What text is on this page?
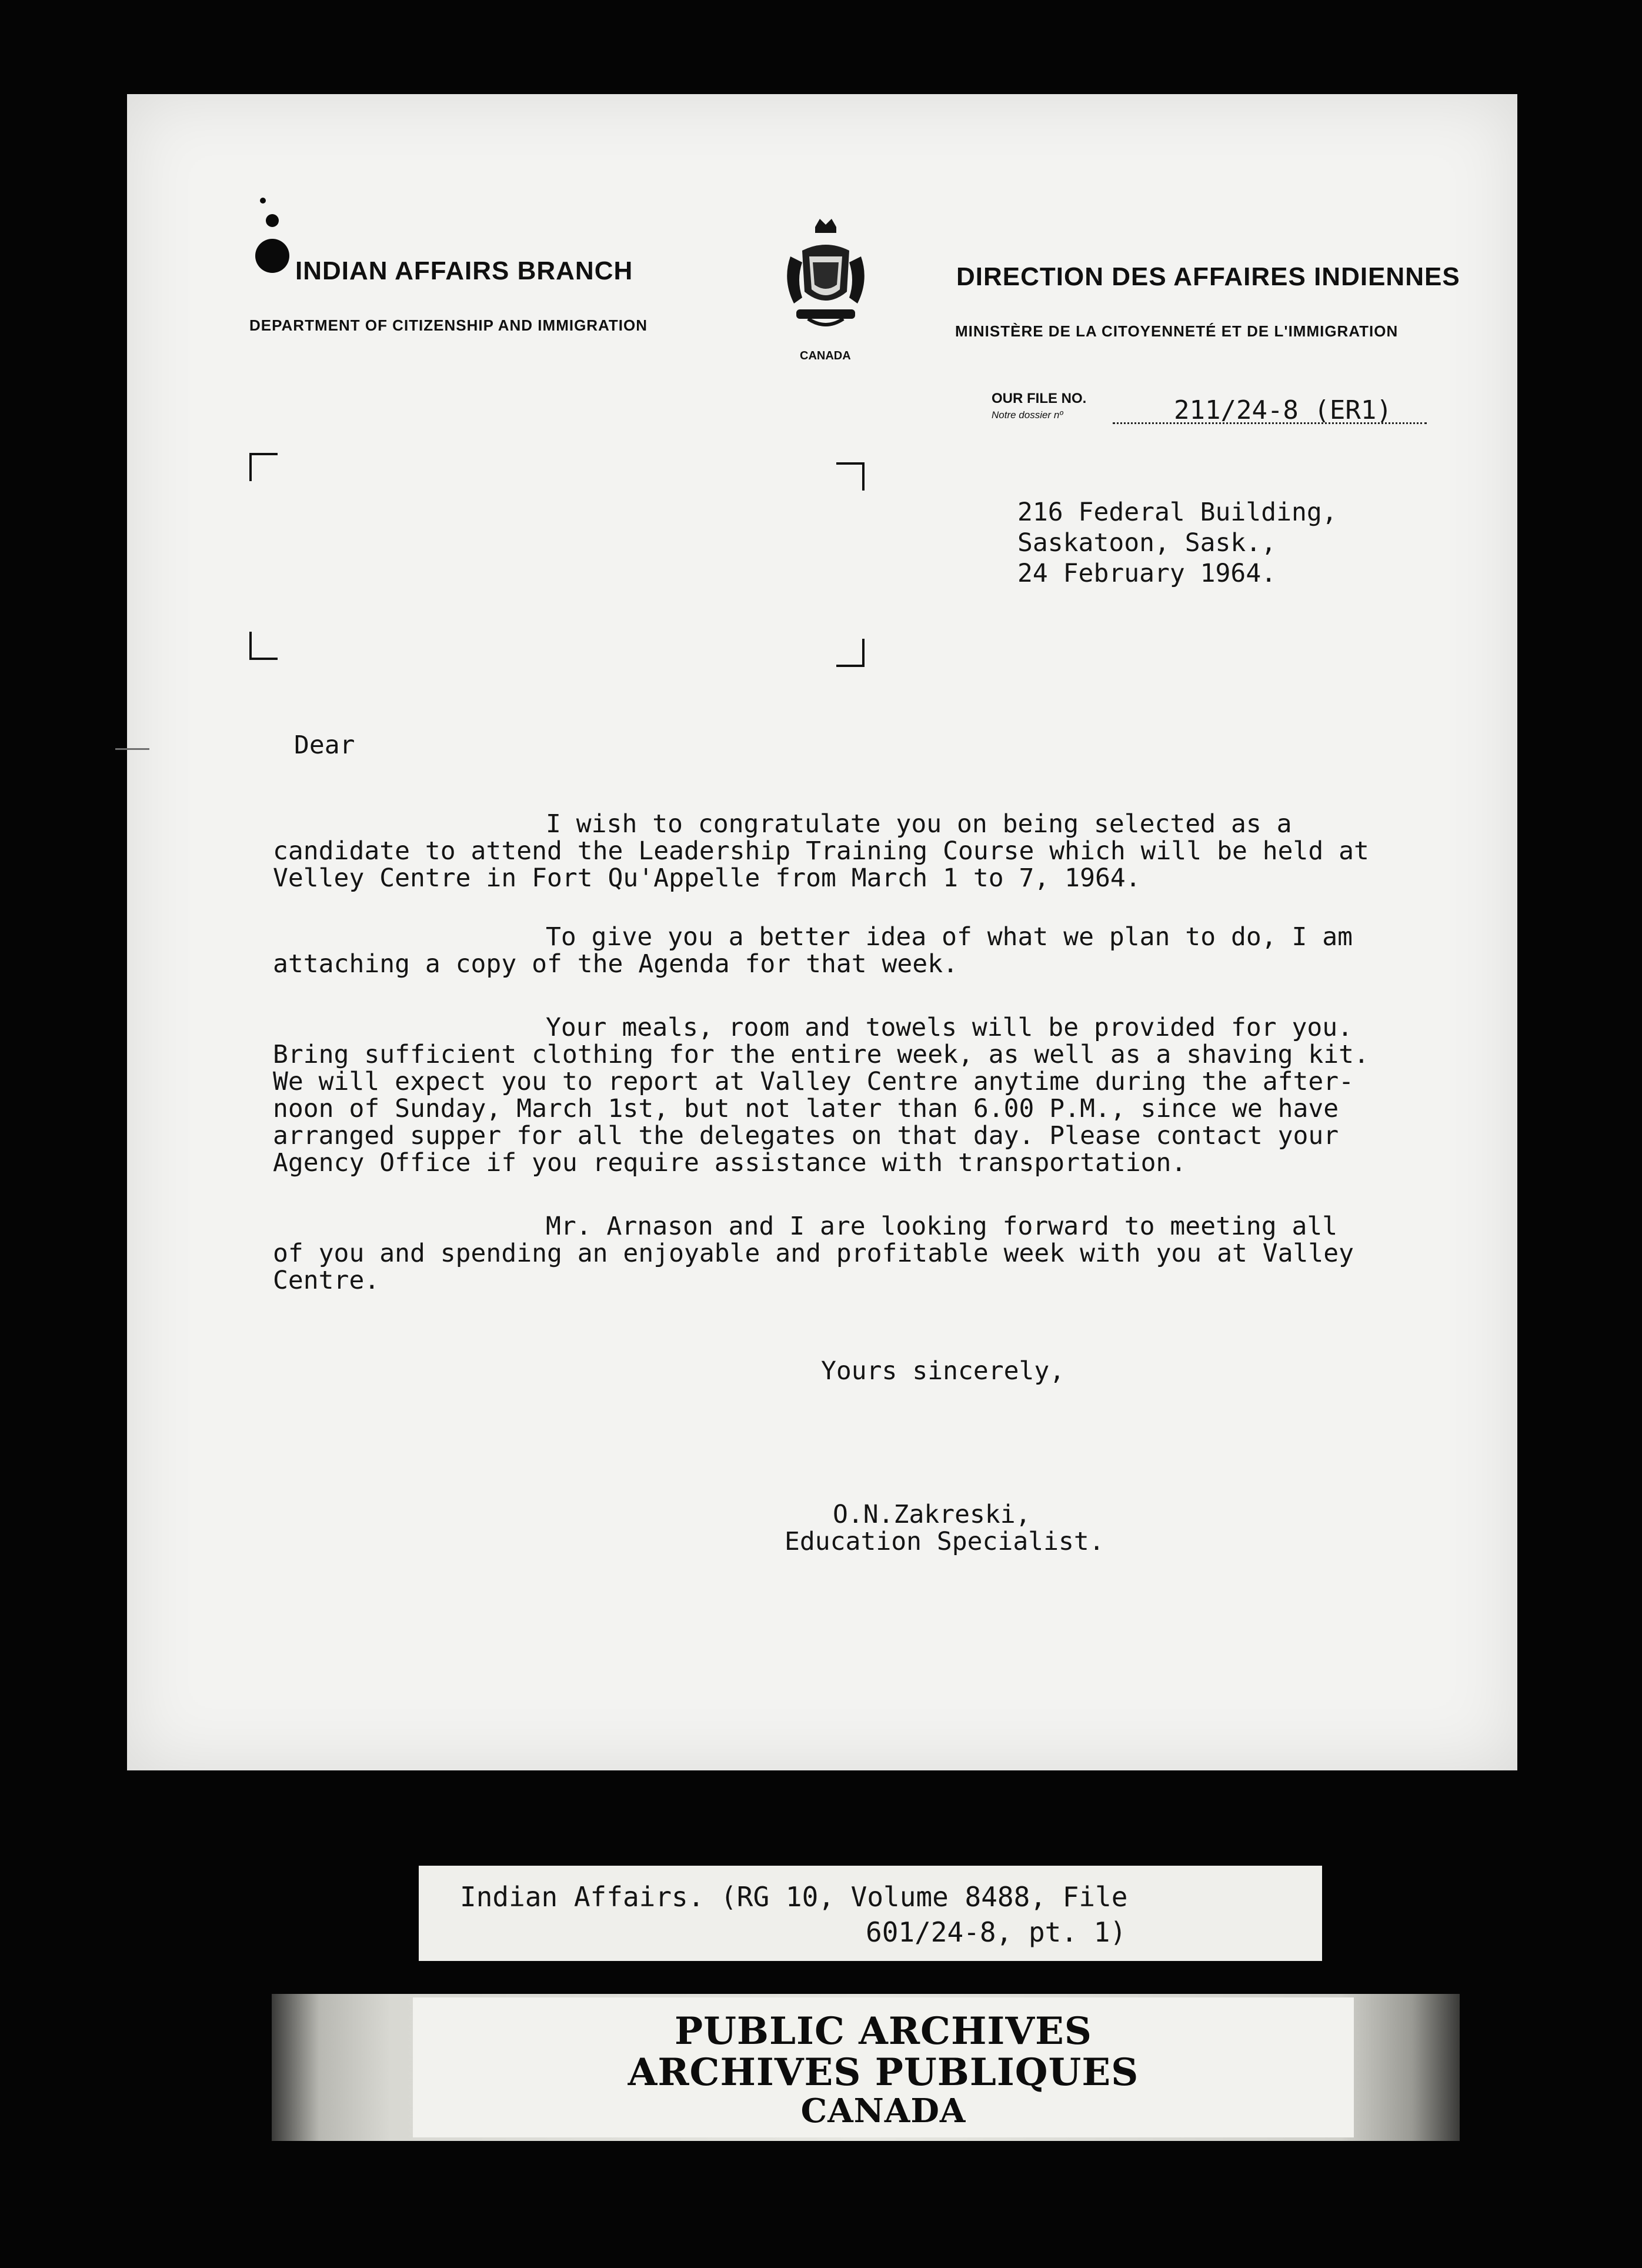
INDIAN AFFAIRS BRANCH
DEPARTMENT OF CITIZENSHIP AND IMMIGRATION
CANADA
DIRECTION DES AFFAIRES INDIENNES
MINISTÈRE DE LA CITOYENNETÉ ET DE L'IMMIGRATION
OUR FILE NO.
Notre dossier nº	211/24-8 (ER1)
216 Federal Building,
Saskatoon, Sask.,
24 February 1964.
Dear
I wish to congratulate you on being selected as a
candidate to attend the Leadership Training Course which will be held at
Velley Centre in Fort Qu'Appelle from March 1 to 7, 1964.
To give you a better idea of what we plan to do, I am
attaching a copy of the Agenda for that week.
Your meals, room and towels will be provided for you.
Bring sufficient clothing for the entire week, as well as a shaving kit.
We will expect you to report at Valley Centre anytime during the after-
noon of Sunday, March 1st, but not later than 6.00 P.M., since we have
arranged supper for all the delegates on that day. Please contact your
Agency Office if you require assistance with transportation.
Mr. Arnason and I are looking forward to meeting all
of you and spending an enjoyable and profitable week with you at Valley
Centre.
Yours sincerely,
O.N.Zakreski,
Education Specialist.
Indian Affairs. (RG 10, Volume 8488, File
601/24-8, pt. 1)
PUBLIC ARCHIVES
ARCHIVES PUBLIQUES
CANADA
